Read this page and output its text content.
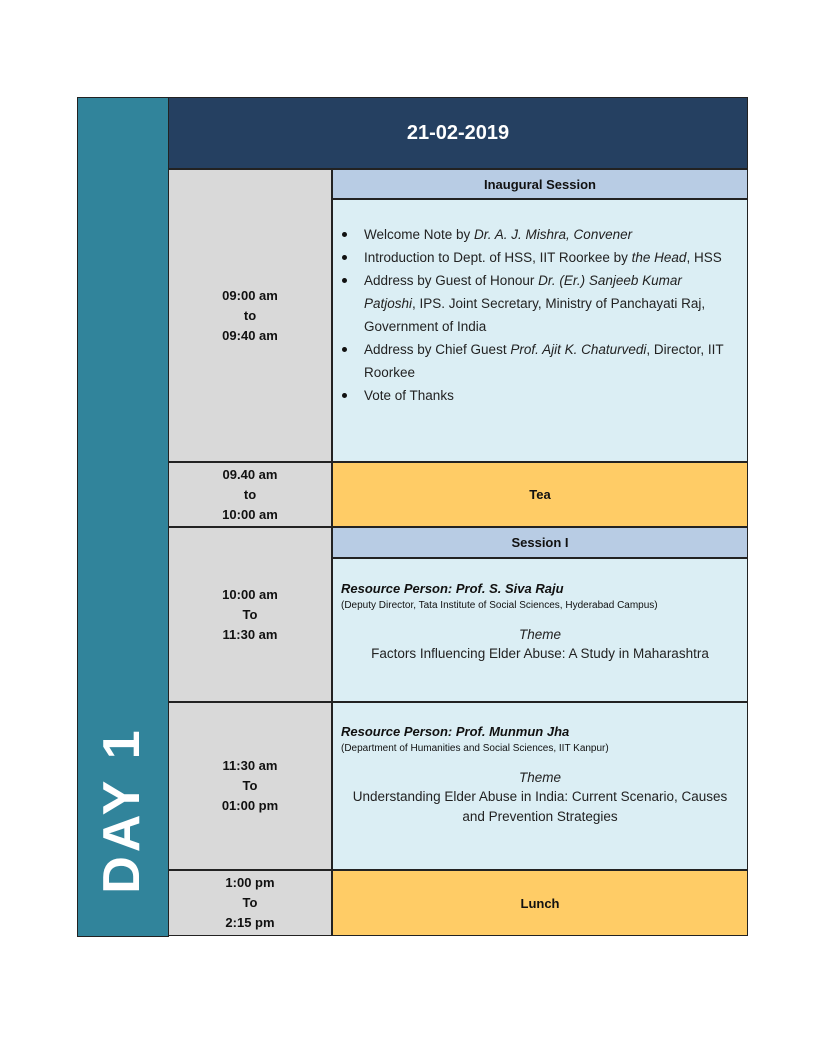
DAY 1
21-02-2019
09:00 am
to
09:40 am
Inaugural Session
Welcome Note by Dr. A. J. Mishra, Convener
Introduction to Dept. of HSS, IIT Roorkee by the Head, HSS
Address by Guest of Honour Dr. (Er.) Sanjeeb Kumar Patjoshi, IPS. Joint Secretary, Ministry of Panchayati Raj, Government of India
Address by Chief Guest Prof. Ajit K. Chaturvedi, Director, IIT Roorkee
Vote of Thanks
09.40 am
to
10:00 am
Tea
10:00 am
To
11:30 am
Session I
Resource Person: Prof. S. Siva Raju
(Deputy Director, Tata Institute of Social Sciences, Hyderabad Campus)
Theme
Factors Influencing Elder Abuse: A Study in Maharashtra
11:30 am
To
01:00 pm
Resource Person: Prof. Munmun Jha
(Department of Humanities and Social Sciences, IIT Kanpur)
Theme
Understanding Elder Abuse in India: Current Scenario, Causes and Prevention Strategies
1:00 pm
To
2:15 pm
Lunch
